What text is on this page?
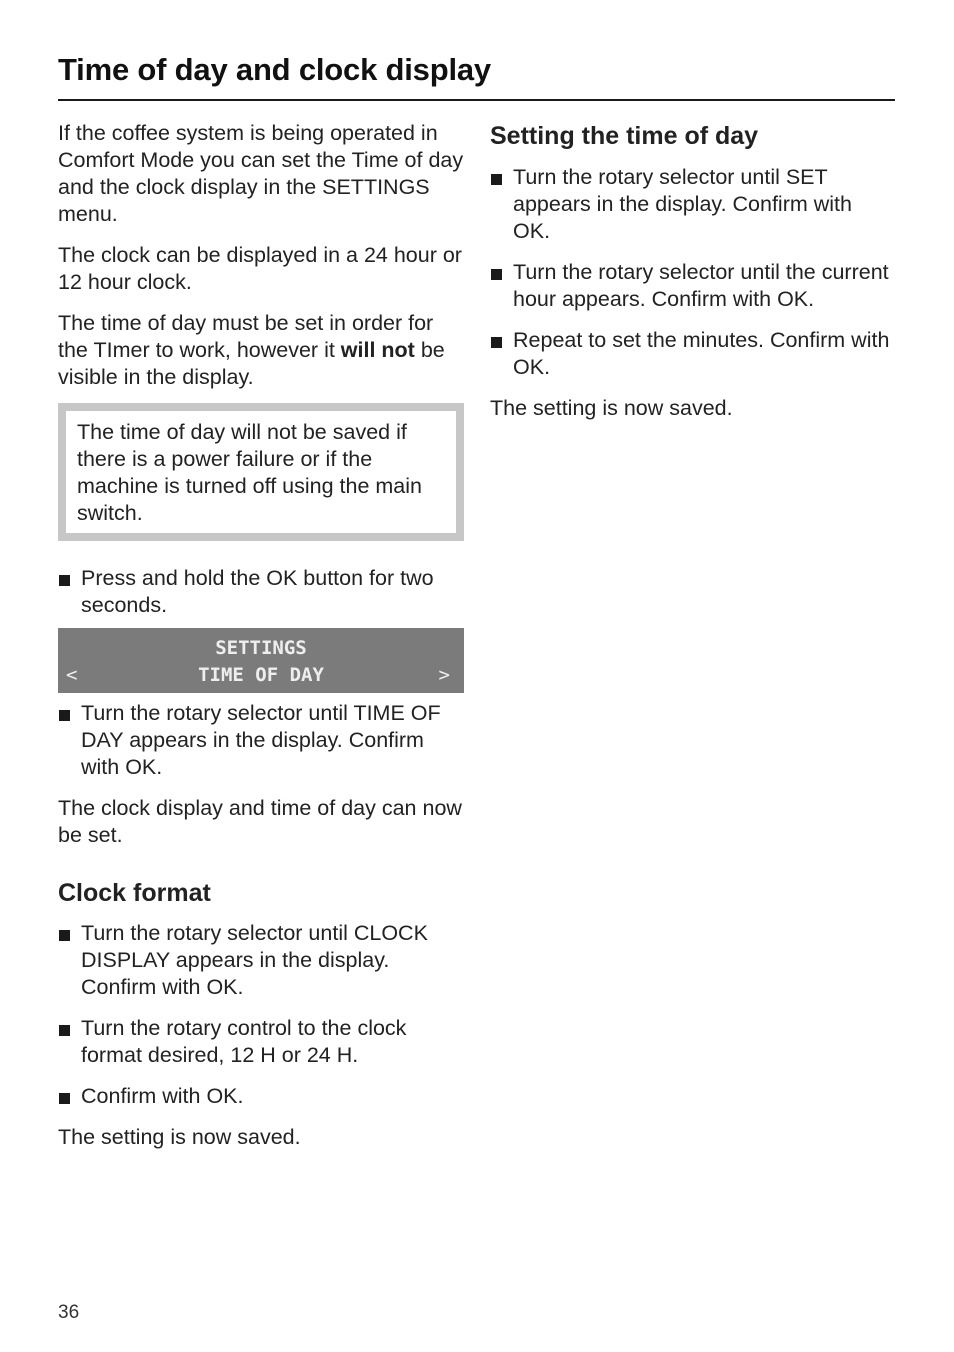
Time of day and clock display

If the coffee system is being operated in Comfort Mode you can set the Time of day and the clock display in the SETTINGS menu.

The clock can be displayed in a 24 hour or 12 hour clock.

The time of day must be set in order for the TImer to work, however it will not be visible in the display.

The time of day will not be saved if there is a power failure or if the machine is turned off using the main switch.

Press and hold the OK button for two seconds.

SETTINGS
<	TIME OF DAY	>

Turn the rotary selector until TIME OF DAY appears in the display. Confirm with OK.

The clock display and time of day can now be set.

Clock format

Turn the rotary selector until CLOCK DISPLAY appears in the display. Confirm with OK.

Turn the rotary control to the clock format desired, 12 H or 24 H.

Confirm with OK.

The setting is now saved.

Setting the time of day

Turn the rotary selector until SET appears in the display. Confirm with OK.

Turn the rotary selector until the current hour appears. Confirm with OK.

Repeat to set the minutes. Confirm with OK.

The setting is now saved.

36
